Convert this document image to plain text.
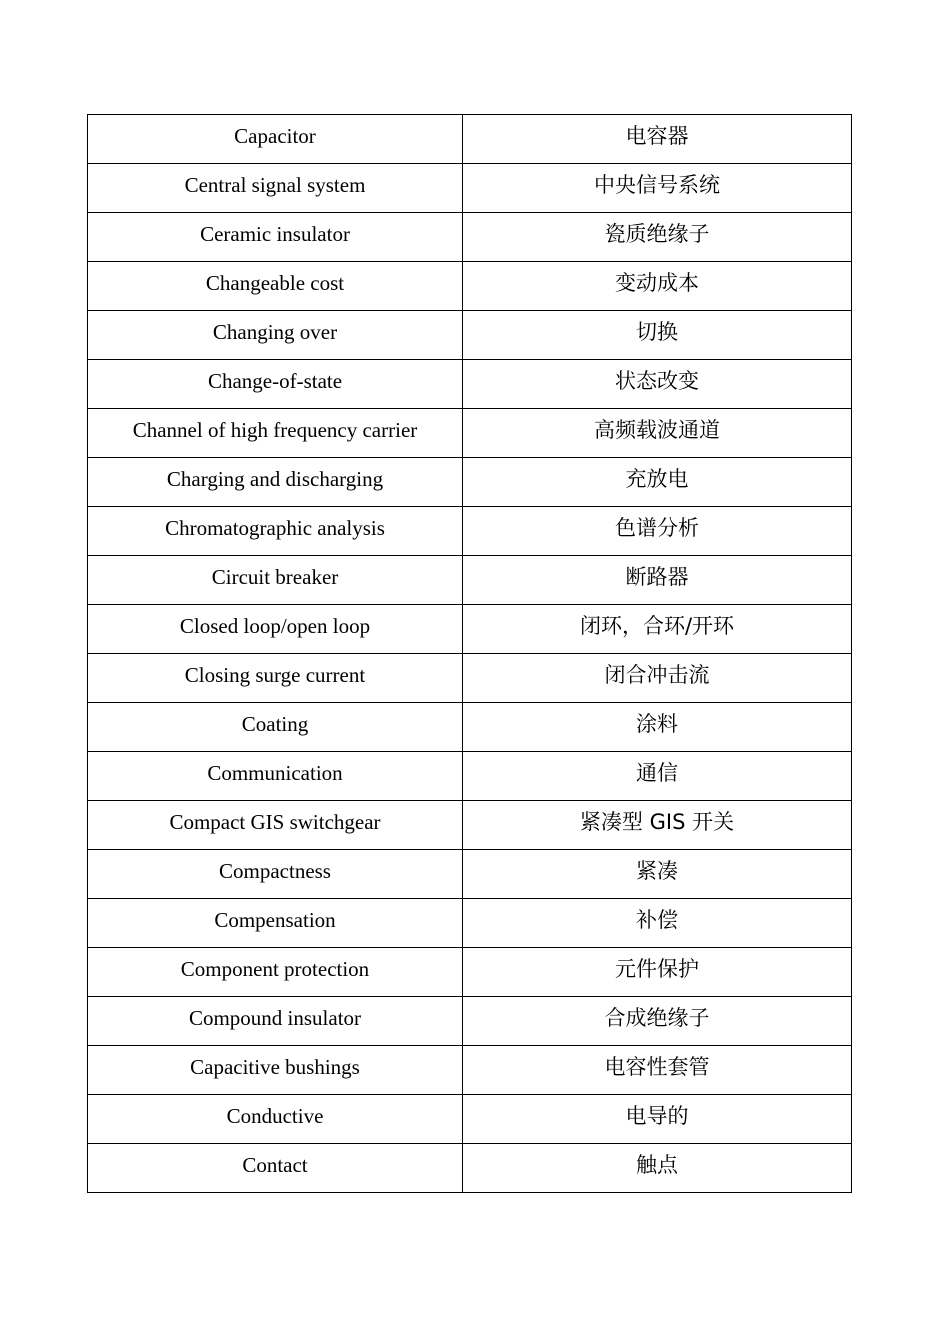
Capacitor	电容器
Central signal system	中央信号系统
Ceramic insulator	瓷质绝缘子
Changeable cost	变动成本
Changing over	切换
Change-of-state	状态改变
Channel of high frequency carrier	高频载波通道
Charging and discharging	充放电
Chromatographic analysis	色谱分析
Circuit breaker	断路器
Closed loop/open loop	闭环，合环/开环
Closing surge current	闭合冲击流
Coating	涂料
Communication	通信
Compact GIS switchgear	紧凑型 GIS 开关
Compactness	紧凑
Compensation	补偿
Component protection	元件保护
Compound insulator	合成绝缘子
Capacitive bushings	电容性套管
Conductive	电导的
Contact	触点
